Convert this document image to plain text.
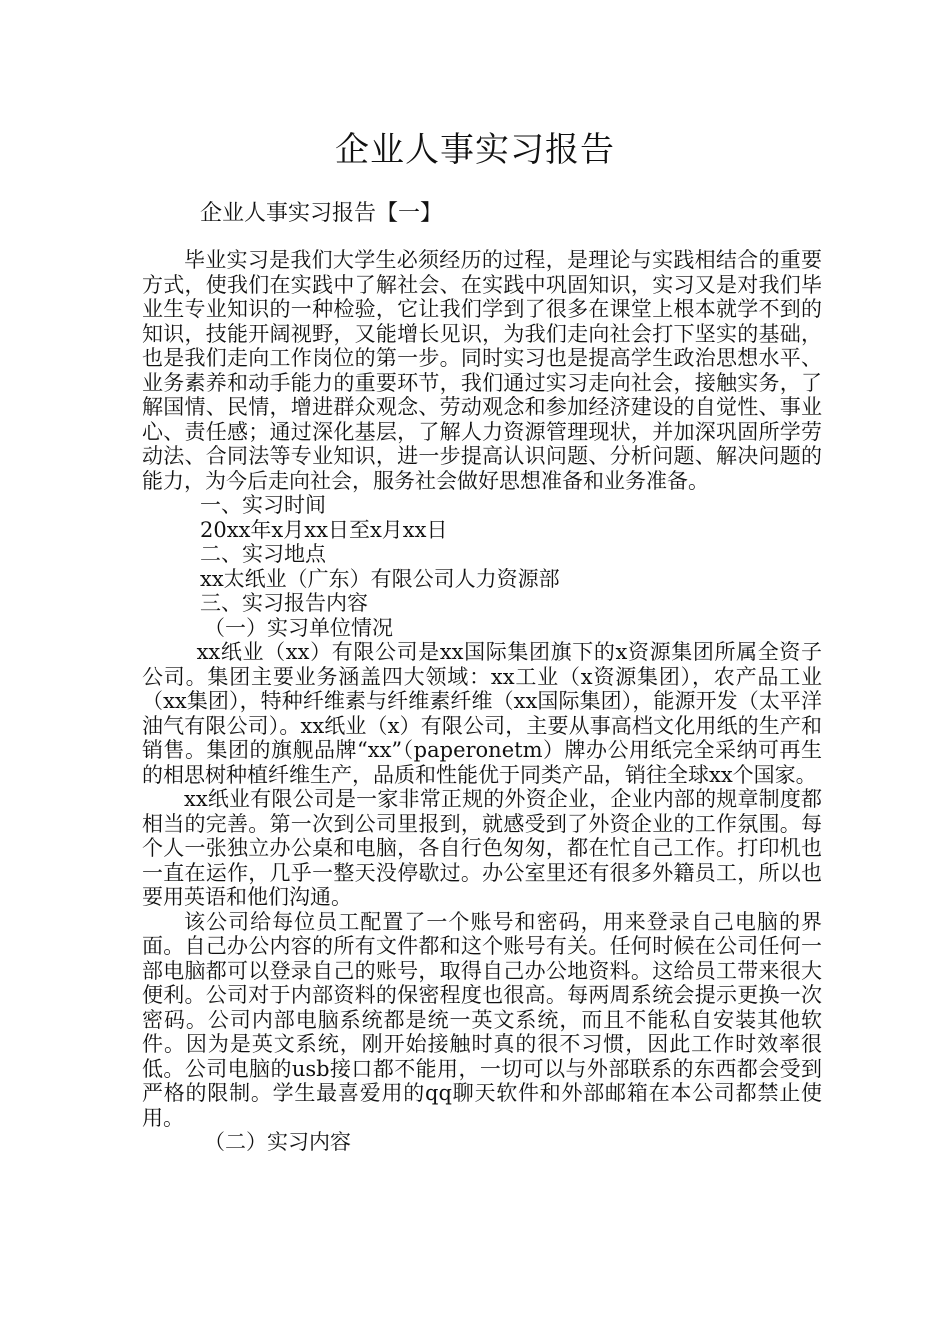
企业人事实习报告

企业人事实习报告【一】

毕业实习是我们大学生必须经历的过程，是理论与实践相结合的重要方式，使我们在实践中了解社会、在实践中巩固知识，实习又是对我们毕业生专业知识的一种检验，它让我们学到了很多在课堂上根本就学不到的知识，技能开阔视野，又能增长见识，为我们走向社会打下坚实的基础，也是我们走向工作岗位的第一步。同时实习也是提高学生政治思想水平、业务素养和动手能力的重要环节，我们通过实习走向社会，接触实务，了解国情、民情，增进群众观念、劳动观念和参加经济建设的自觉性、事业心、责任感；通过深化基层，了解人力资源管理现状，并加深巩固所学劳动法、合同法等专业知识，进一步提高认识问题、分析问题、解决问题的能力，为今后走向社会，服务社会做好思想准备和业务准备。

一、实习时间

20xx年x月xx日至x月xx日

二、实习地点

xx太纸业（广东）有限公司人力资源部

三、实习报告内容

（一）实习单位情况

xx纸业（xx）有限公司是xx国际集团旗下的x资源集团所属全资子公司。集团主要业务涵盖四大领域：xx工业（x资源集团），农产品工业（xx集团），特种纤维素与纤维素纤维（xx国际集团），能源开发（太平洋油气有限公司）。xx纸业（x）有限公司，主要从事高档文化用纸的生产和销售。集团的旗舰品牌“xx”（paperonetm）牌办公用纸完全采纳可再生的相思树种植纤维生产，品质和性能优于同类产品，销往全球xx个国家。

xx纸业有限公司是一家非常正规的外资企业，企业内部的规章制度都相当的完善。第一次到公司里报到，就感受到了外资企业的工作氛围。每个人一张独立办公桌和电脑，各自行色匆匆，都在忙自己工作。打印机也一直在运作，几乎一整天没停歇过。办公室里还有很多外籍员工，所以也要用英语和他们沟通。

该公司给每位员工配置了一个账号和密码，用来登录自己电脑的界面。自己办公内容的所有文件都和这个账号有关。任何时候在公司任何一部电脑都可以登录自己的账号，取得自己办公地资料。这给员工带来很大便利。公司对于内部资料的保密程度也很高。每两周系统会提示更换一次密码。公司内部电脑系统都是统一英文系统，而且不能私自安装其他软件。因为是英文系统，刚开始接触时真的很不习惯，因此工作时效率很低。公司电脑的usb接口都不能用，一切可以与外部联系的东西都会受到严格的限制。学生最喜爱用的qq聊天软件和外部邮箱在本公司都禁止使用。

（二）实习内容
